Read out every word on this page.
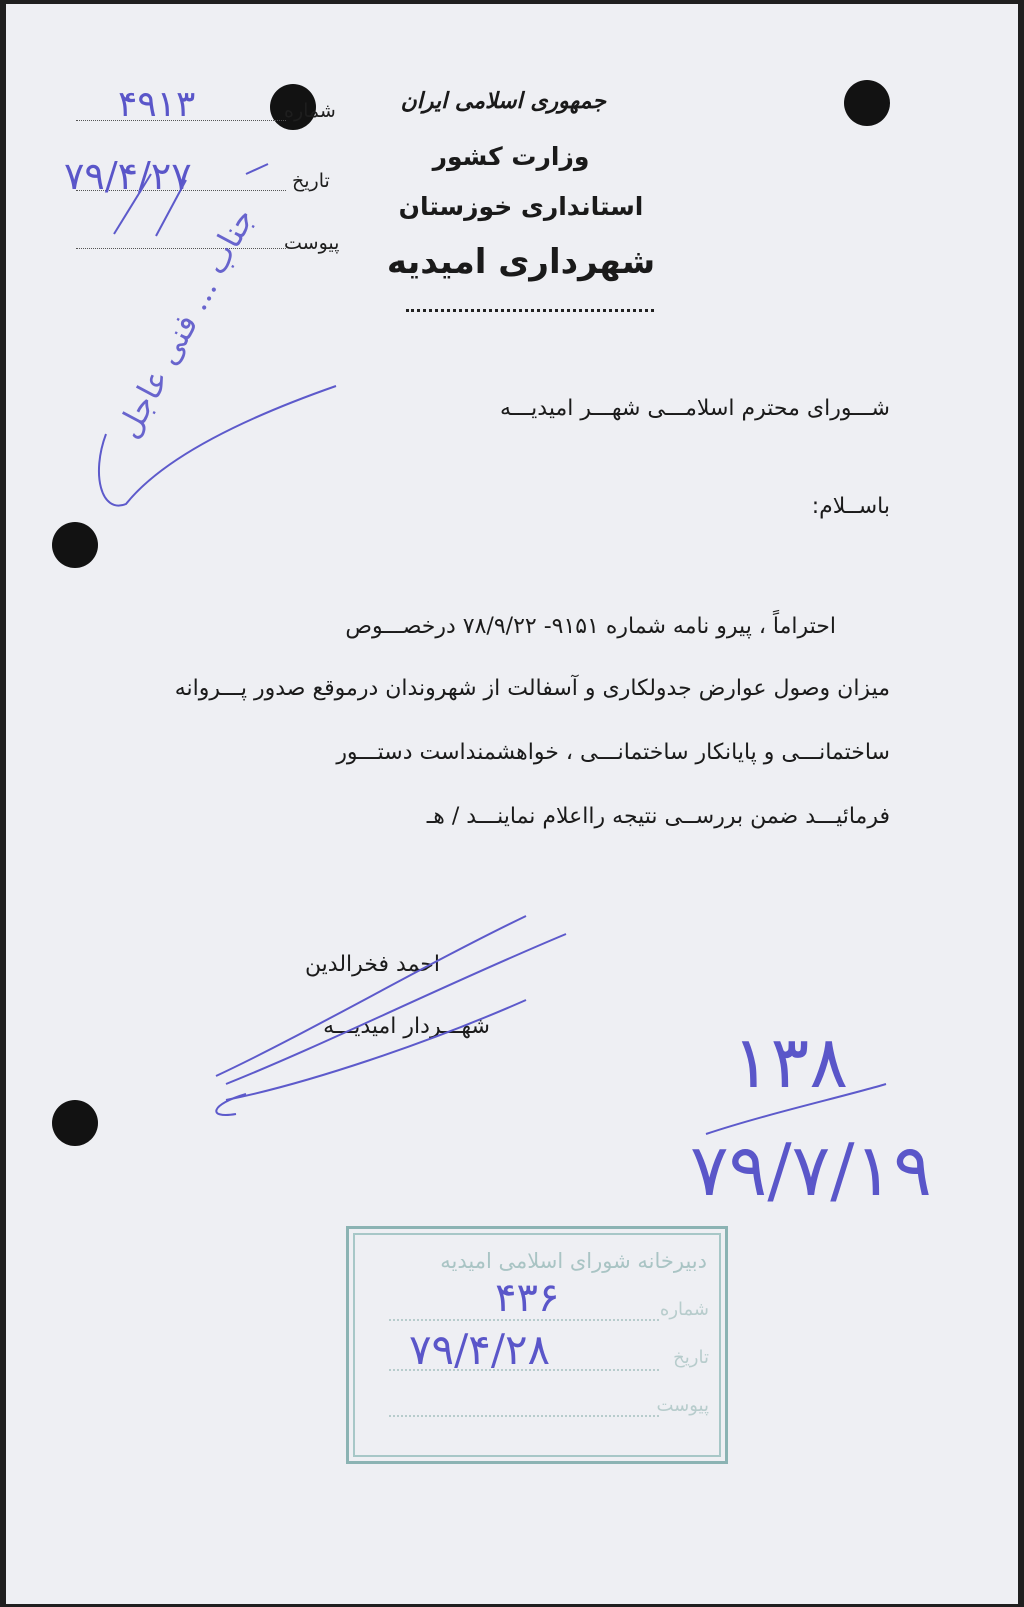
جمهوری اسلامی ایران
وزارت کشور
استانداری خوزستان
شهرداری امیدیه
شماره
۴۹۱۳
تاریخ
۷۹/۴/۲۷
پیوست
جناب ... فنی عاجل	شـــورای محترم اسلامـــی شهـــر امیدیـــه
باســلام:
احتراماً ، پیرو نامه شماره ۹۱۵۱- ۷۸/۹/۲۲ درخصـــوص
میزان وصول عوارض جدولکاری و آسفالت از شهروندان درموقع صدور پـــروانه
ساختمانـــی و پایانکار ساختمانـــی ، خواهشمنداست دستـــور
فرمائیـــد ضمن بررســی نتیجه رااعلام نماینـــد / هـ
احمد فخرالدین
شهـــردار امیدیـــه	۱۳۸
۷۹/۷/۱۹
دبیرخانه شورای اسلامی امیدیه
شماره
۴۳۶
تاریخ
۷۹/۴/۲۸
پیوست
